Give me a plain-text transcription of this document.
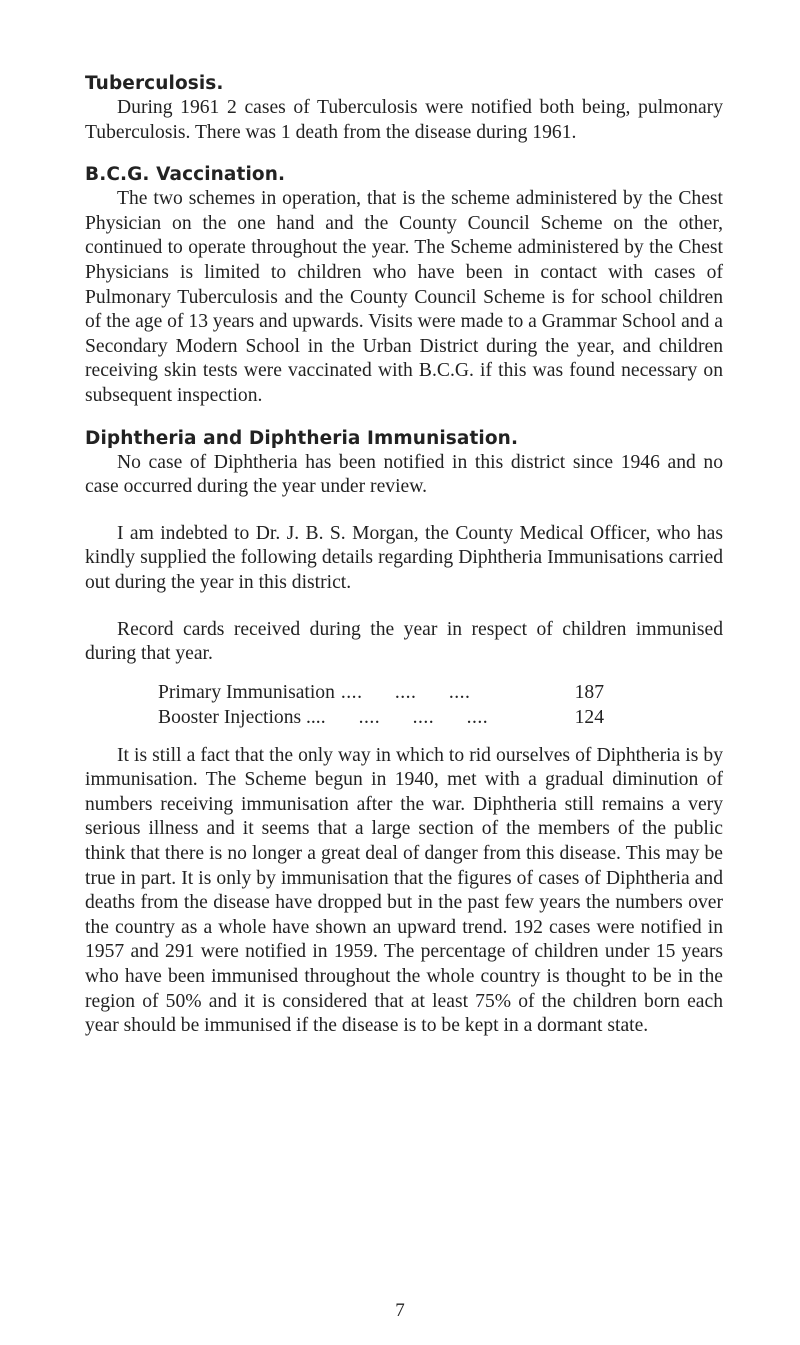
Tuberculosis.

During 1961 2 cases of Tuberculosis were notified both being, pulmonary Tuberculosis. There was 1 death from the disease during 1961.

B.C.G. Vaccination.

The two schemes in operation, that is the scheme administered by the Chest Physician on the one hand and the County Council Scheme on the other, continued to operate throughout the year. The Scheme administered by the Chest Physicians is limited to children who have been in contact with cases of Pulmonary Tuberculosis and the County Council Scheme is for school children of the age of 13 years and upwards. Visits were made to a Grammar School and a Secondary Modern School in the Urban District during the year, and children receiving skin tests were vaccinated with B.C.G. if this was found necessary on subsequent inspection.

Diphtheria and Diphtheria Immunisation.

No case of Diphtheria has been notified in this district since 1946 and no case occurred during the year under review.

I am indebted to Dr. J. B. S. Morgan, the County Medical Officer, who has kindly supplied the following details regarding Diphtheria Immunisations carried out during the year in this district.

Record cards received during the year in respect of children immunised during that year.

Primary Immunisation ....      ....      ....	187
Booster Injections .... ....      ....      ....	124

It is still a fact that the only way in which to rid ourselves of Diphtheria is by immunisation. The Scheme begun in 1940, met with a gradual diminution of numbers receiving immunisation after the war. Diphtheria still remains a very serious illness and it seems that a large section of the members of the public think that there is no longer a great deal of danger from this disease. This may be true in part. It is only by immunisation that the figures of cases of Diphtheria and deaths from the disease have dropped but in the past few years the numbers over the country as a whole have shown an upward trend. 192 cases were notified in 1957 and 291 were notified in 1959. The percentage of children under 15 years who have been immunised throughout the whole country is thought to be in the region of 50% and it is considered that at least 75% of the children born each year should be immunised if the disease is to be kept in a dormant state.

7
